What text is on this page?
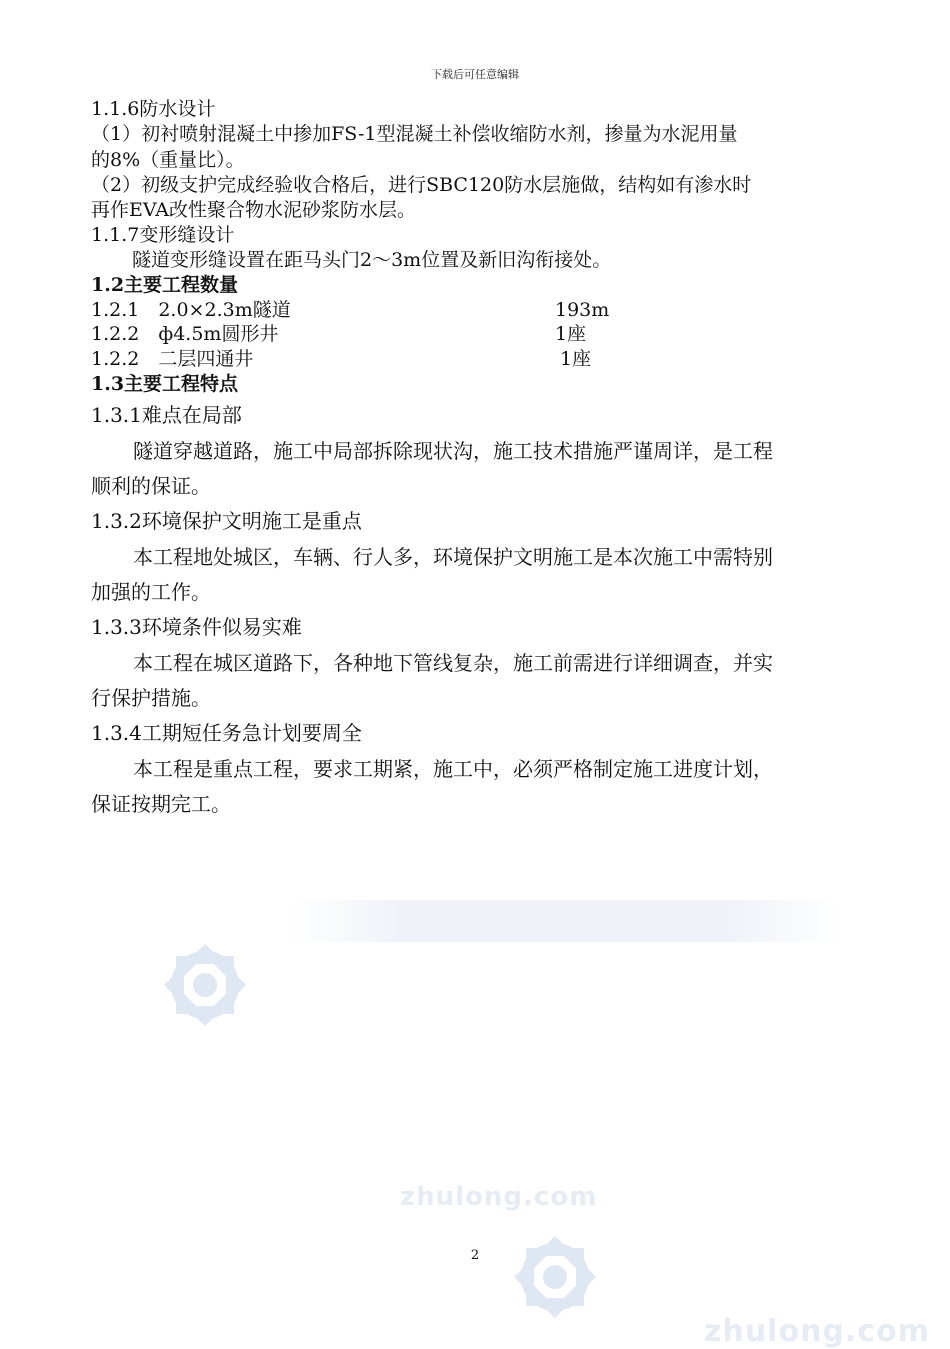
zhulong.com
zhulong.com
下载后可任意编辑
1.1.6防水设计
（1）初衬喷射混凝土中掺加FS-1型混凝土补偿收缩防水剂，掺量为水泥用量
的8%（重量比）。
（2）初级支护完成经验收合格后，进行SBC120防水层施做，结构如有渗水时
再作EVA改性聚合物水泥砂浆防水层。
1.1.7变形缝设计
隧道变形缝设置在距马头门2～3m位置及新旧沟衔接处。
1.2主要工程数量
1.2.1　2.0×2.3m隧道	193m
1.2.2　ф4.5m圆形井	1座
1.2.2　二层四通井	1座
1.3主要工程特点
1.3.1难点在局部
隧道穿越道路，施工中局部拆除现状沟，施工技术措施严谨周详，是工程
顺利的保证。
1.3.2环境保护文明施工是重点
本工程地处城区，车辆、行人多，环境保护文明施工是本次施工中需特别
加强的工作。
1.3.3环境条件似易实难
本工程在城区道路下，各种地下管线复杂，施工前需进行详细调查，并实
行保护措施。
1.3.4工期短任务急计划要周全
本工程是重点工程，要求工期紧，施工中，必须严格制定施工进度计划，
保证按期完工。
2
